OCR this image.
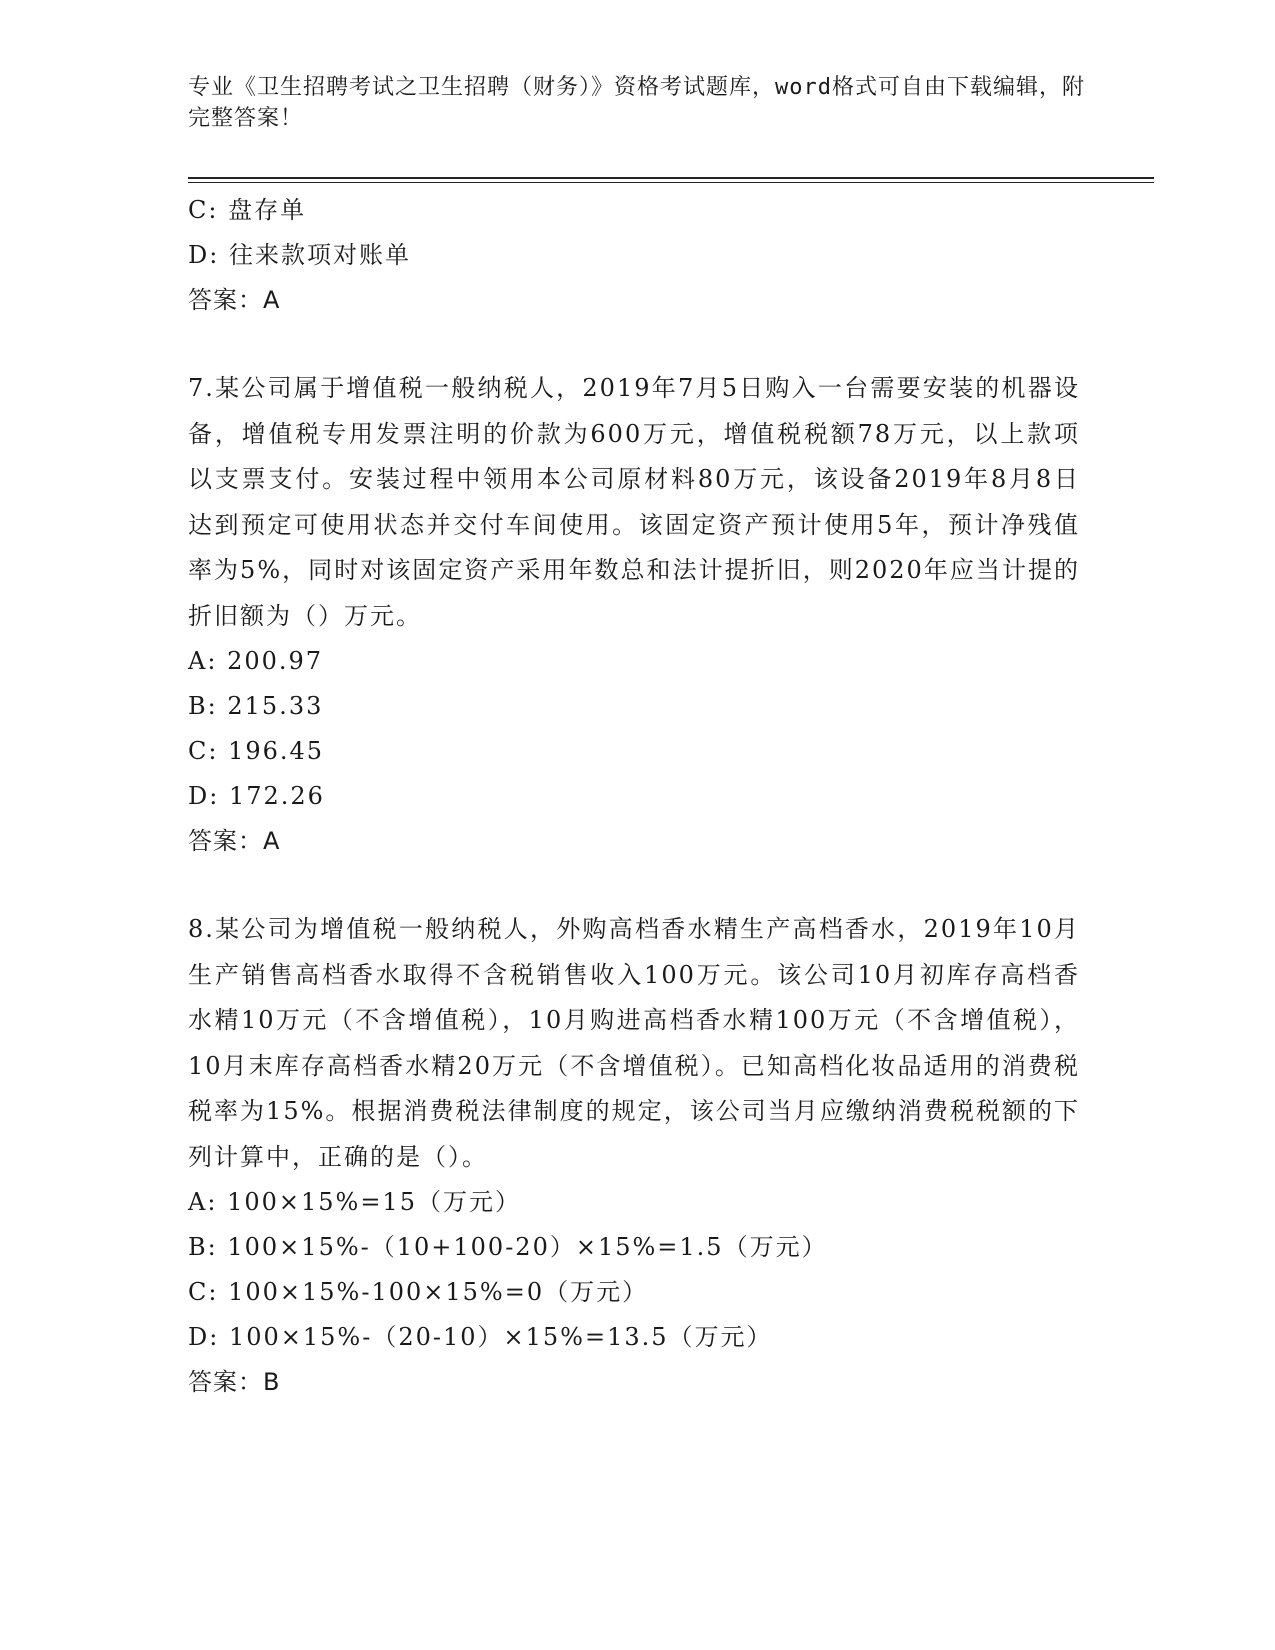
专业《卫生招聘考试之卫生招聘（财务）》资格考试题库，word格式可自由下载编辑，附完整答案！
C: 盘存单
D: 往来款项对账单
答案：A
7.某公司属于增值税一般纳税人，2019年7月5日购入一台需要安装的机器设备，增值税专用发票注明的价款为600万元，增值税税额78万元，以上款项以支票支付。安装过程中领用本公司原材料80万元，该设备2019年8月8日达到预定可使用状态并交付车间使用。该固定资产预计使用5年，预计净残值率为5%，同时对该固定资产采用年数总和法计提折旧，则2020年应当计提的折旧额为（）万元。
A: 200.97
B: 215.33
C: 196.45
D: 172.26
答案：A
8.某公司为增值税一般纳税人，外购高档香水精生产高档香水，2019年10月生产销售高档香水取得不含税销售收入100万元。该公司10月初库存高档香水精10万元（不含增值税），10月购进高档香水精100万元（不含增值税），10月末库存高档香水精20万元（不含增值税）。已知高档化妆品适用的消费税税率为15%。根据消费税法律制度的规定，该公司当月应缴纳消费税税额的下列计算中，正确的是（）。
A: 100×15%=15（万元）
B: 100×15%-（10+100-20）×15%=1.5（万元）
C: 100×15%-100×15%=0（万元）
D: 100×15%-（20-10）×15%=13.5（万元）
答案：B
